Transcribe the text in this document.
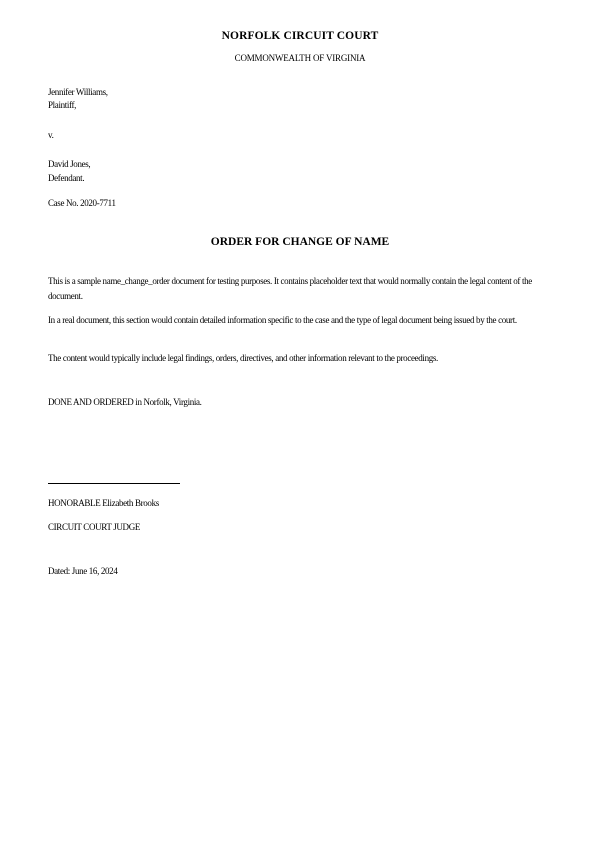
NORFOLK CIRCUIT COURT
COMMONWEALTH OF VIRGINIA
Jennifer Williams,
Plaintiff,
v.
David Jones,
Defendant.
Case No. 2020-7711
ORDER FOR CHANGE OF NAME
This is a sample name_change_order document for testing purposes. It contains placeholder text that would normally contain the legal content of the document.
In a real document, this section would contain detailed information specific to the case and the type of legal document being issued by the court.
The content would typically include legal findings, orders, directives, and other information relevant to the proceedings.
DONE AND ORDERED in Norfolk, Virginia.
HONORABLE Elizabeth Brooks
CIRCUIT COURT JUDGE
Dated: June 16, 2024
